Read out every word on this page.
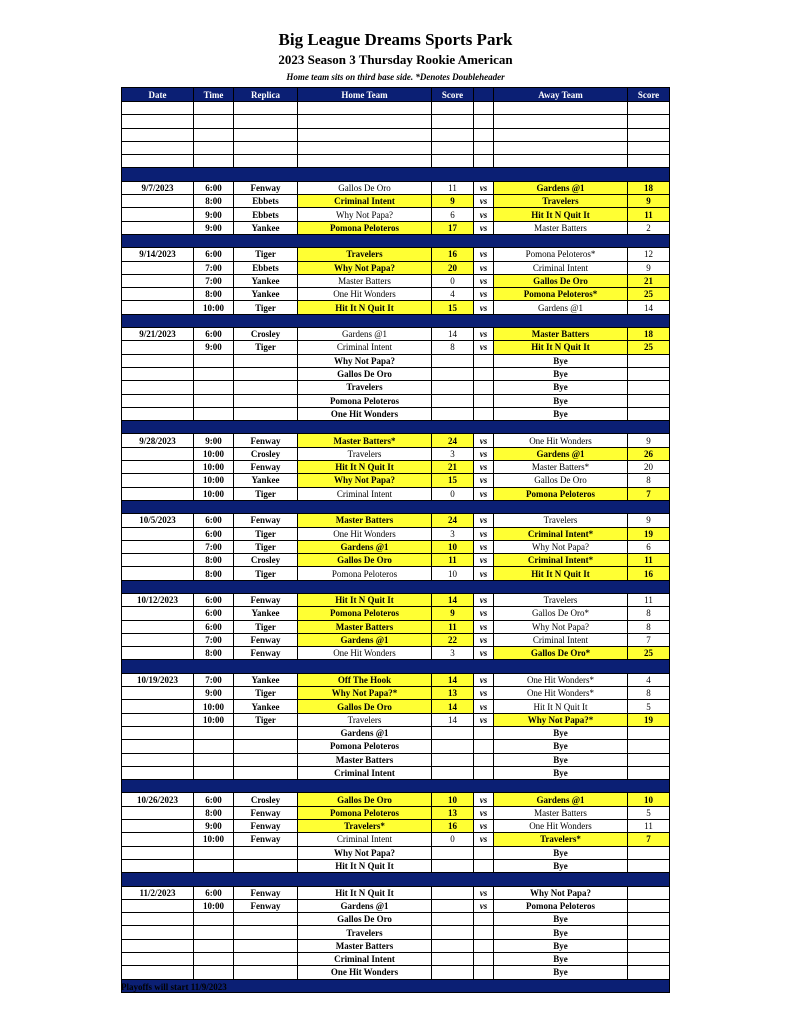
Big League Dreams Sports Park
2023 Season 3 Thursday Rookie American

Home team sits on third base side. *Denotes Doubleheader

Date	Time	Replica	Home Team	Score		Away Team	Score

9/7/2023	6:00	Fenway	Gallos De Oro	11	vs	Gardens @1	18
	8:00	Ebbets	Criminal Intent	9	vs	Travelers	9
	9:00	Ebbets	Why Not Papa?	6	vs	Hit It N Quit It	11
	9:00	Yankee	Pomona Peloteros	17	vs	Master Batters	2

9/14/2023	6:00	Tiger	Travelers	16	vs	Pomona Peloteros*	12
	7:00	Ebbets	Why Not Papa?	20	vs	Criminal Intent	9
	7:00	Yankee	Master Batters	0	vs	Gallos De Oro	21
	8:00	Yankee	One Hit Wonders	4	vs	Pomona Peloteros*	25
	10:00	Tiger	Hit It N Quit It	15	vs	Gardens @1	14

9/21/2023	6:00	Crosley	Gardens @1	14	vs	Master Batters	18
	9:00	Tiger	Criminal Intent	8	vs	Hit It N Quit It	25
			Why Not Papa?			Bye	
			Gallos De Oro			Bye	
			Travelers			Bye	
			Pomona Peloteros			Bye	
			One Hit Wonders			Bye	

9/28/2023	9:00	Fenway	Master Batters*	24	vs	One Hit Wonders	9
	10:00	Crosley	Travelers	3	vs	Gardens @1	26
	10:00	Fenway	Hit It N Quit It	21	vs	Master Batters*	20
	10:00	Yankee	Why Not Papa?	15	vs	Gallos De Oro	8
	10:00	Tiger	Criminal Intent	0	vs	Pomona Peloteros	7

10/5/2023	6:00	Fenway	Master Batters	24	vs	Travelers	9
	6:00	Tiger	One Hit Wonders	3	vs	Criminal Intent*	19
	7:00	Tiger	Gardens @1	10	vs	Why Not Papa?	6
	8:00	Crosley	Gallos De Oro	11	vs	Criminal Intent*	11
	8:00	Tiger	Pomona Peloteros	10	vs	Hit It N Quit It	16

10/12/2023	6:00	Fenway	Hit It N Quit It	14	vs	Travelers	11
	6:00	Yankee	Pomona Peloteros	9	vs	Gallos De Oro*	8
	6:00	Tiger	Master Batters	11	vs	Why Not Papa?	8
	7:00	Fenway	Gardens @1	22	vs	Criminal Intent	7
	8:00	Fenway	One Hit Wonders	3	vs	Gallos De Oro*	25

10/19/2023	7:00	Yankee	Off The Hook	14	vs	One Hit Wonders*	4
	9:00	Tiger	Why Not Papa?*	13	vs	One Hit Wonders*	8
	10:00	Yankee	Gallos De Oro	14	vs	Hit It N Quit It	5
	10:00	Tiger	Travelers	14	vs	Why Not Papa?*	19
			Gardens @1			Bye	
			Pomona Peloteros			Bye	
			Master Batters			Bye	
			Criminal Intent			Bye	

10/26/2023	6:00	Crosley	Gallos De Oro	10	vs	Gardens @1	10
	8:00	Fenway	Pomona Peloteros	13	vs	Master Batters	5
	9:00	Fenway	Travelers*	16	vs	One Hit Wonders	11
	10:00	Fenway	Criminal Intent	0	vs	Travelers*	7
			Why Not Papa?			Bye	
			Hit It N Quit It			Bye	

11/2/2023	6:00	Fenway	Hit It N Quit It		vs	Why Not Papa?	
	10:00	Fenway	Gardens @1		vs	Pomona Peloteros	
			Gallos De Oro			Bye	
			Travelers			Bye	
			Master Batters			Bye	
			Criminal Intent			Bye	
			One Hit Wonders			Bye	

Playoffs will start 11/9/2023
